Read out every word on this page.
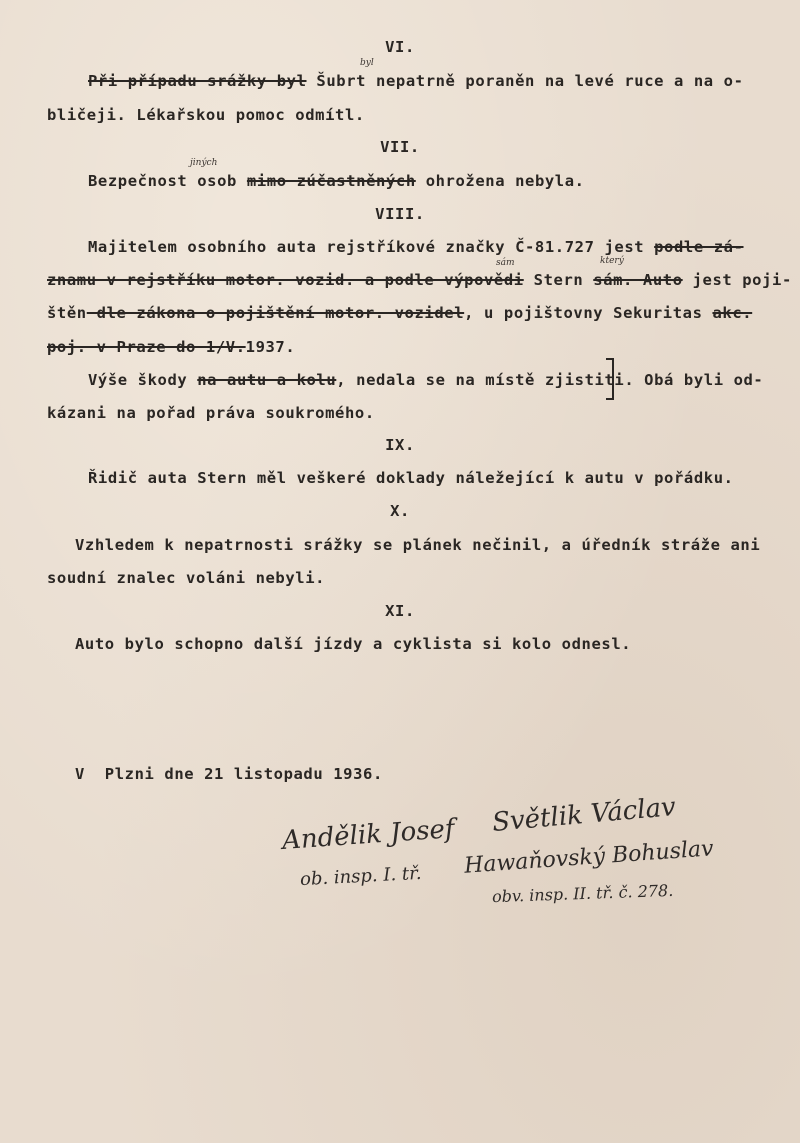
VI.
Při případu srážky byl Šubrt nepatrně poraněn na levé ruce a na o-
byl
bličeji. Lékařskou pomoc odmítl.
VII.
Bezpečnost osob mimo zúčastněných ohrožena nebyla.
jiných
VIII.
Majitelem osobního auta rejstříkové značky Č-81.727 jest podle zá-
znamu v rejstříku motor. vozid. a podle výpovědi Stern sám. Auto jest poji-
sám	který
štěn dle zákona o pojištění motor. vozidel, u pojištovny Sekuritas akc.
poj. v Praze do 1/V.1937.
Výše škody na autu a kolu, nedala se na místě zjistiti. Obá byli od-
kázani na pořad práva soukromého.
IX.
Řidič auta Stern měl veškeré doklady náležející k autu v pořádku.
X.
Vzhledem k nepatrnosti srážky se plánek nečinil, a úředník stráže ani
soudní znalec voláni nebyli.
XI.
Auto bylo schopno další jízdy a cyklista si kolo odnesl.
V  Plzni dne 21 listopadu 1936.
Andělik Josef
ob. insp. I. tř.
Světlik Václav
Hawaňovský Bohuslav
obv. insp. II. tř. č. 278.
